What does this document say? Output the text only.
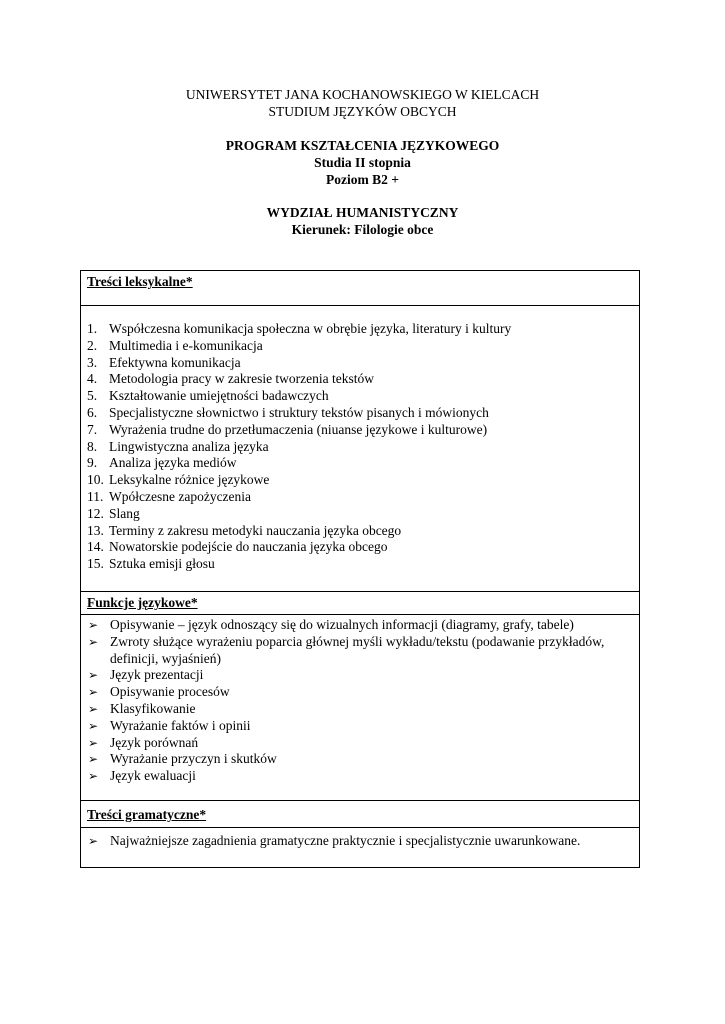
UNIWERSYTET JANA KOCHANOWSKIEGO W KIELCACH
STUDIUM JĘZYKÓW OBCYCH
PROGRAM KSZTAŁCENIA JĘZYKOWEGO
Studia II stopnia
Poziom B2 +
WYDZIAŁ HUMANISTYCZNY
Kierunek: Filologie obce
Treści leksykalne*
1. Współczesna komunikacja społeczna w obrębie języka, literatury i kultury
2. Multimedia i e-komunikacja
3. Efektywna komunikacja
4. Metodologia pracy w zakresie tworzenia tekstów
5. Kształtowanie umiejętności badawczych
6. Specjalistyczne słownictwo i struktury tekstów pisanych i mówionych
7. Wyrażenia trudne do przetłumaczenia (niuanse językowe i kulturowe)
8. Lingwistyczna analiza języka
9. Analiza języka mediów
10. Leksykalne różnice językowe
11. Wpółczesne zapożyczenia
12. Slang
13. Terminy z zakresu metodyki nauczania języka obcego
14. Nowatorskie podejście do nauczania języka obcego
15. Sztuka emisji głosu
Funkcje językowe*
➢ Opisywanie – język odnoszący się do wizualnych informacji (diagramy, grafy, tabele)
➢ Zwroty służące wyrażeniu poparcia głównej myśli wykładu/tekstu (podawanie przykładów, definicji, wyjaśnień)
➢ Język prezentacji
➢ Opisywanie procesów
➢ Klasyfikowanie
➢ Wyrażanie faktów i opinii
➢ Język porównań
➢ Wyrażanie przyczyn i skutków
➢ Język ewaluacji
Treści gramatyczne*
➢ Najważniejsze zagadnienia gramatyczne praktycznie i specjalistycznie uwarunkowane.
